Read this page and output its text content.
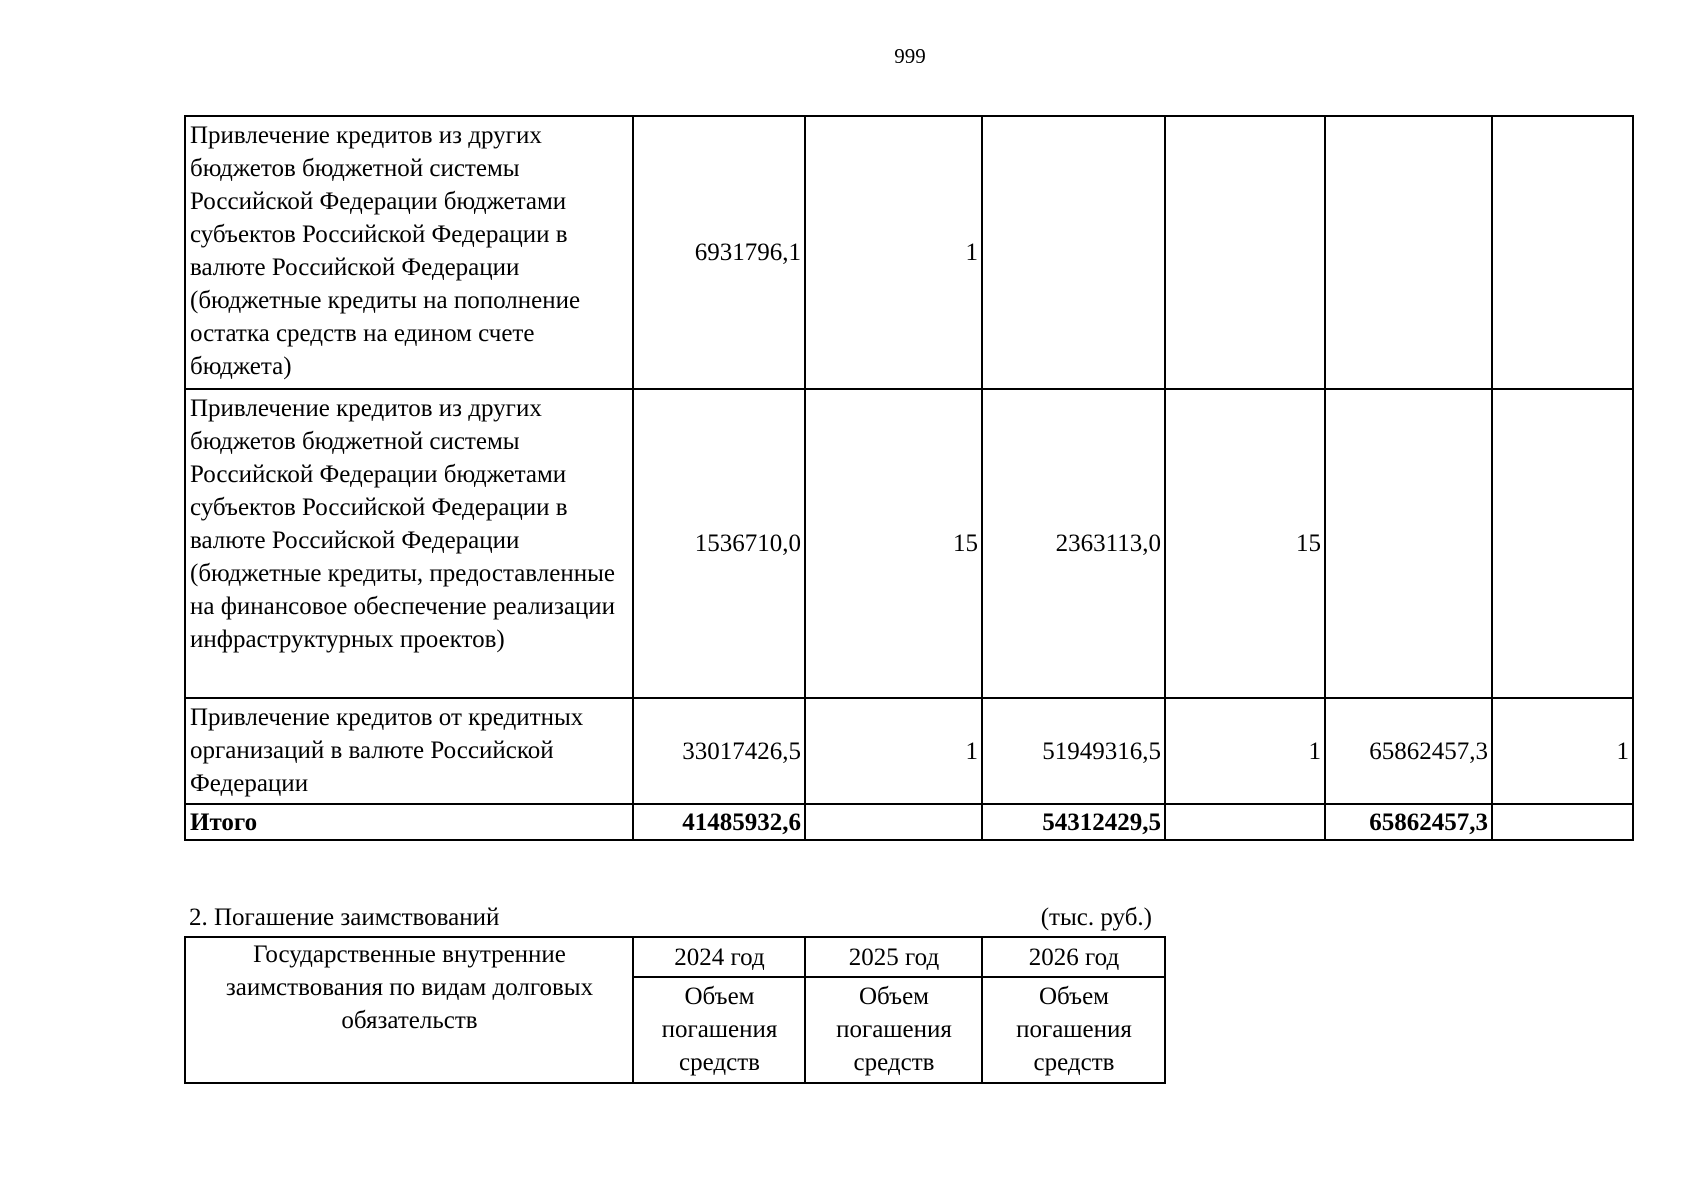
999
Привлечение кредитов из других бюджетов бюджетной системы Российской Федерации бюджетами субъектов Российской Федерации в валюте Российской Федерации (бюджетные кредиты на пополнение остатка средств на едином счете бюджета)	6931796,1	1				
Привлечение кредитов из других бюджетов бюджетной системы Российской Федерации бюджетами субъектов Российской Федерации в валюте Российской Федерации (бюджетные кредиты, предоставленные на финансовое обеспечение реализации инфраструктурных проектов)	1536710,0	15	2363113,0	15		
Привлечение кредитов от кредитных организаций в валюте Российской Федерации	33017426,5	1	51949316,5	1	65862457,3	1
Итого	41485932,6		54312429,5		65862457,3	
2. Погашение заимствований	(тыс. руб.)
Государственные внутренние заимствования по видам долговых обязательств	2024 год	2025 год	2026 год
	Объем погашения средств	Объем погашения средств	Объем погашения средств
